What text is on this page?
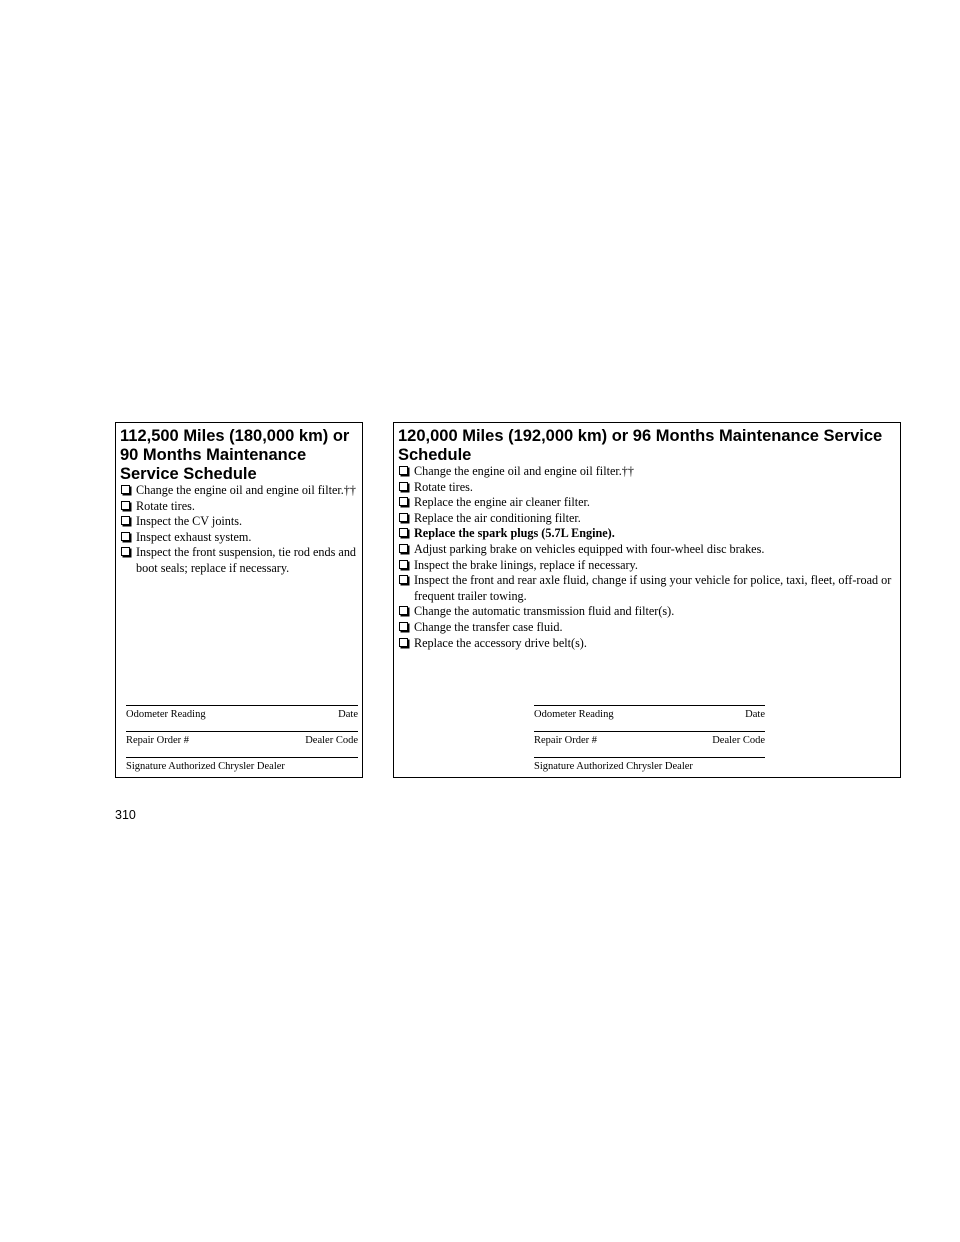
112,500 Miles (180,000 km) or 90 Months Maintenance Service Schedule
Change the engine oil and engine oil filter.††
Rotate tires.
Inspect the CV joints.
Inspect exhaust system.
Inspect the front suspension, tie rod ends and boot seals; replace if necessary.
Odometer Reading	Date
Repair Order #	Dealer Code
Signature Authorized Chrysler Dealer
120,000 Miles (192,000 km) or 96 Months Maintenance Service Schedule
Change the engine oil and engine oil filter.††
Rotate tires.
Replace the engine air cleaner filter.
Replace the air conditioning filter.
Replace the spark plugs (5.7L Engine).
Adjust parking brake on vehicles equipped with four-wheel disc brakes.
Inspect the brake linings, replace if necessary.
Inspect the front and rear axle fluid, change if using your vehicle for police, taxi, fleet, off-road or frequent trailer towing.
Change the automatic transmission fluid and filter(s).
Change the transfer case fluid.
Replace the accessory drive belt(s).
Odometer Reading	Date
Repair Order #	Dealer Code
Signature Authorized Chrysler Dealer
310
